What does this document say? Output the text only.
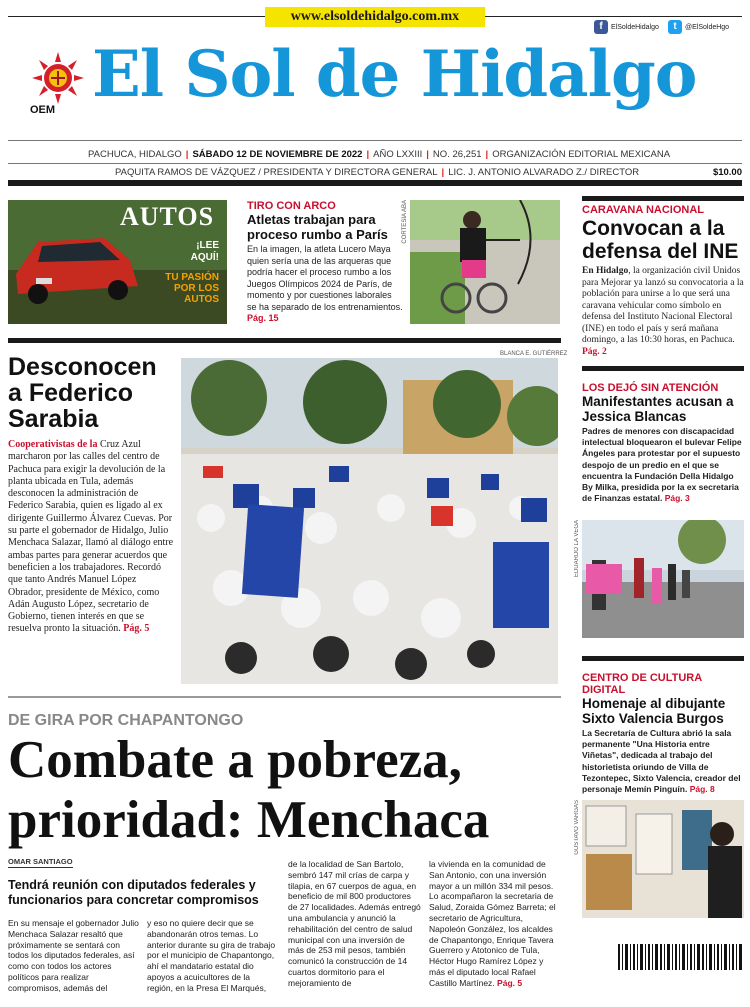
www.elsoldehidalgo.com.mx
f ElSoldeHidalgo	t @ElSoldeHgo
OEM El Sol de Hidalgo
PACHUCA, HIDALGO | SÁBADO 12 DE NOVIEMBRE DE 2022 | AÑO LXXIII | NO. 26,251 | ORGANIZACIÓN EDITORIAL MEXICANA
PAQUITA RAMOS DE VÁZQUEZ / PRESIDENTA Y DIRECTORA GENERAL | LIC. J. ANTONIO ALVARADO Z./ DIRECTOR	$10.00
AUTOS
¡LEE
AQUÍ!
TU PASIÓN POR LOS AUTOS
TIRO CON ARCO
Atletas trabajan para proceso rumbo a París
En la imagen, la atleta Lucero Maya quien sería una de las arqueras que podría hacer el proceso rumbo a los Juegos Olímpicos 2024 de París, de momento y por cuestiones laborales se ha separado de los entrenamientos. Pág. 15
CORTESÍA ABA	CARAVANA NACIONAL
Convocan a la defensa del INE
En Hidalgo, la organización civil Unidos para Mejorar ya lanzó su convocatoria a la población para unirse a lo que será una caravana vehicular como símbolo en defensa del Instituto Nacional Electoral (INE) en todo el país y será mañana domingo, a las 10:30 horas, en Pachuca. Pág. 2
Desconocen a Federico Sarabia
Cooperativistas de la Cruz Azul marcharon por las calles del centro de Pachuca para exigir la devolución de la planta ubicada en Tula, además desconocen la administración de Federico Sarabia, quien es ligado al ex dirigente Guillermo Álvarez Cuevas. Por su parte el gobernador de Hidalgo, Julio Menchaca Salazar, llamó al diálogo entre ambas partes para generar acuerdos que beneficien a los trabajadores. Recordó que tanto Andrés Manuel López Obrador, presidente de México, como Adán Augusto López, secretario de Gobierno, tienen interés en que se resuelva pronto la situación. Pág. 5
BLANCA E. GUTIÉRREZ
LOS DEJÓ SIN ATENCIÓN
Manifestantes acusan a Jessica Blancas
Padres de menores con discapacidad intelectual bloquearon el bulevar Felipe Ángeles para protestar por el supuesto despojo de un predio en el que se encuentra la Fundación Della Hidalgo By Milka, presidida por la ex secretaria de Finanzas estatal. Pág. 3
EDUARDO LA VEGA
CENTRO DE CULTURA DIGITAL
Homenaje al dibujante Sixto Valencia Burgos
La Secretaría de Cultura abrió la sala permanente "Una Historia entre Viñetas", dedicada al trabajo del historietista oriundo de Villa de Tezontepec, Sixto Valencia, creador del personaje Memín Pinguín. Pág. 8
GUSTAVO VARGAS
DE GIRA POR CHAPANTONGO
Combate a pobreza,
prioridad: Menchaca
OMAR SANTIAGO
Tendrá reunión con diputados federales y funcionarios para concretar compromisos
En su mensaje el gobernador Julio Menchaca Salazar resaltó que próximamente se sentará con todos los diputados federales, así como con todos los actores políticos para realizar compromisos, además del
y eso no quiere decir que se abandonarán otros temas. Lo anterior durante su gira de trabajo por el municipio de Chapantongo, ahí el mandatario estatal dio apoyos a acuicultores de la región, en la Presa El Marqués,
de la localidad de San Bartolo, sembró 147 mil crías de carpa y tilapia, en 67 cuerpos de agua, en beneficio de mil 800 productores de 27 localidades. Además entregó una ambulancia y anunció la rehabilitación del centro de salud municipal con una inversión de más de 253 mil pesos, también comunicó la construcción de 14 cuartos dormitorio para el mejoramiento de
la vivienda en la comunidad de San Antonio, con una inversión mayor a un millón 334 mil pesos. Lo acompañaron la secretaria de Salud, Zoraida Gómez Barreta; el secretario de Agricultura, Napoleón González, los alcaldes de Chapantongo, Enrique Tavera Guerrero y Atotonico de Tula, Héctor Hugo Ramírez López y más el diputado local Rafael Castillo Martínez. Pág. 5
